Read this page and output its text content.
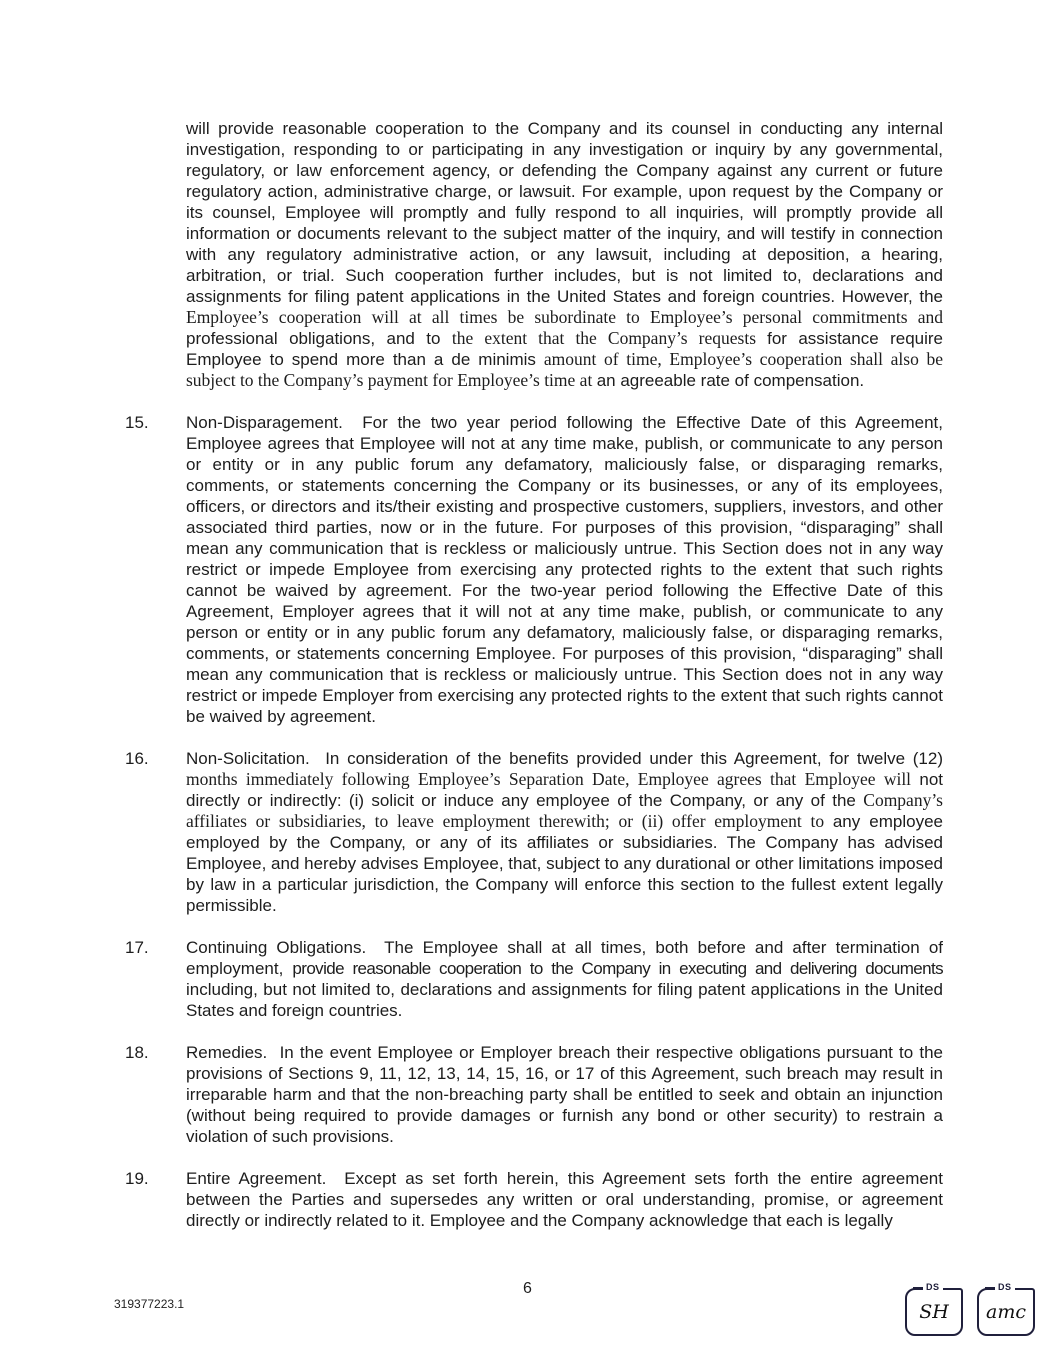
will provide reasonable cooperation to the Company and its counsel in conducting any internal investigation, responding to or participating in any investigation or inquiry by any governmental, regulatory, or law enforcement agency, or defending the Company against any current or future regulatory action, administrative charge, or lawsuit. For example, upon request by the Company or its counsel, Employee will promptly and fully respond to all inquiries, will promptly provide all information or documents relevant to the subject matter of the inquiry, and will testify in connection with any regulatory administrative action, or any lawsuit, including at deposition, a hearing, arbitration, or trial. Such cooperation further includes, but is not limited to, declarations and assignments for filing patent applications in the United States and foreign countries. However, the Employee’s cooperation will at all times be subordinate to Employee’s personal commitments and professional obligations, and to the extent that the Company’s requests for assistance require Employee to spend more than a de minimis amount of time, Employee’s cooperation shall also be subject to the Company’s payment for Employee’s time at an agreeable rate of compensation.
15.	Non-Disparagement.  For the two year period following the Effective Date of this Agreement, Employee agrees that Employee will not at any time make, publish, or communicate to any person or entity or in any public forum any defamatory, maliciously false, or disparaging remarks, comments, or statements concerning the Company or its businesses, or any of its employees, officers, or directors and its/their existing and prospective customers, suppliers, investors, and other associated third parties, now or in the future. For purposes of this provision, “disparaging” shall mean any communication that is reckless or maliciously untrue. This Section does not in any way restrict or impede Employee from exercising any protected rights to the extent that such rights cannot be waived by agreement. For the two-year period following the Effective Date of this Agreement, Employer agrees that it will not at any time make, publish, or communicate to any person or entity or in any public forum any defamatory, maliciously false, or disparaging remarks, comments, or statements concerning Employee. For purposes of this provision, “disparaging” shall mean any communication that is reckless or maliciously untrue. This Section does not in any way restrict or impede Employer from exercising any protected rights to the extent that such rights cannot be waived by agreement.
16.	Non-Solicitation.  In consideration of the benefits provided under this Agreement, for twelve (12) months immediately following Employee’s Separation Date, Employee agrees that Employee will not directly or indirectly: (i) solicit or induce any employee of the Company, or any of the Company’s affiliates or subsidiaries, to leave employment therewith; or (ii) offer employment to any employee employed by the Company, or any of its affiliates or subsidiaries. The Company has advised Employee, and hereby advises Employee, that, subject to any durational or other limitations imposed by law in a particular jurisdiction, the Company will enforce this section to the fullest extent legally permissible.
17.	Continuing Obligations.  The Employee shall at all times, both before and after termination of employment, provide reasonable cooperation to the Company in executing and delivering documents including, but not limited to, declarations and assignments for filing patent applications in the United States and foreign countries.
18.	Remedies.  In the event Employee or Employer breach their respective obligations pursuant to the provisions of Sections 9, 11, 12, 13, 14, 15, 16, or 17 of this Agreement, such breach may result in irreparable harm and that the non-breaching party shall be entitled to seek and obtain an injunction (without being required to provide damages or furnish any bond or other security) to restrain a violation of such provisions.
19.	Entire Agreement.  Except as set forth herein, this Agreement sets forth the entire agreement between the Parties and supersedes any written or oral understanding, promise, or agreement directly or indirectly related to it. Employee and the Company acknowledge that each is legally
6
319377223.1
DS
SH
DS
amc
